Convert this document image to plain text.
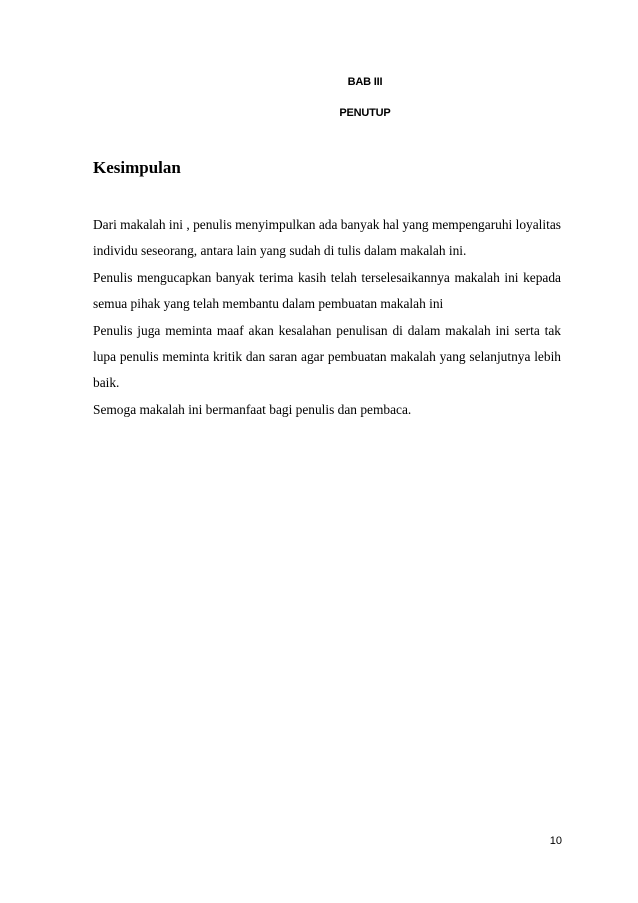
BAB III
PENUTUP
Kesimpulan

Dari makalah ini , penulis menyimpulkan ada banyak hal yang mempengaruhi loyalitas individu seseorang, antara lain yang sudah di tulis dalam makalah ini.

Penulis mengucapkan banyak terima kasih telah terselesaikannya makalah ini kepada semua pihak yang telah membantu dalam pembuatan makalah ini

Penulis juga meminta maaf akan kesalahan penulisan di dalam makalah ini serta tak lupa penulis meminta kritik dan saran agar pembuatan makalah yang selanjutnya lebih baik.

Semoga makalah ini bermanfaat bagi penulis dan pembaca.

10
